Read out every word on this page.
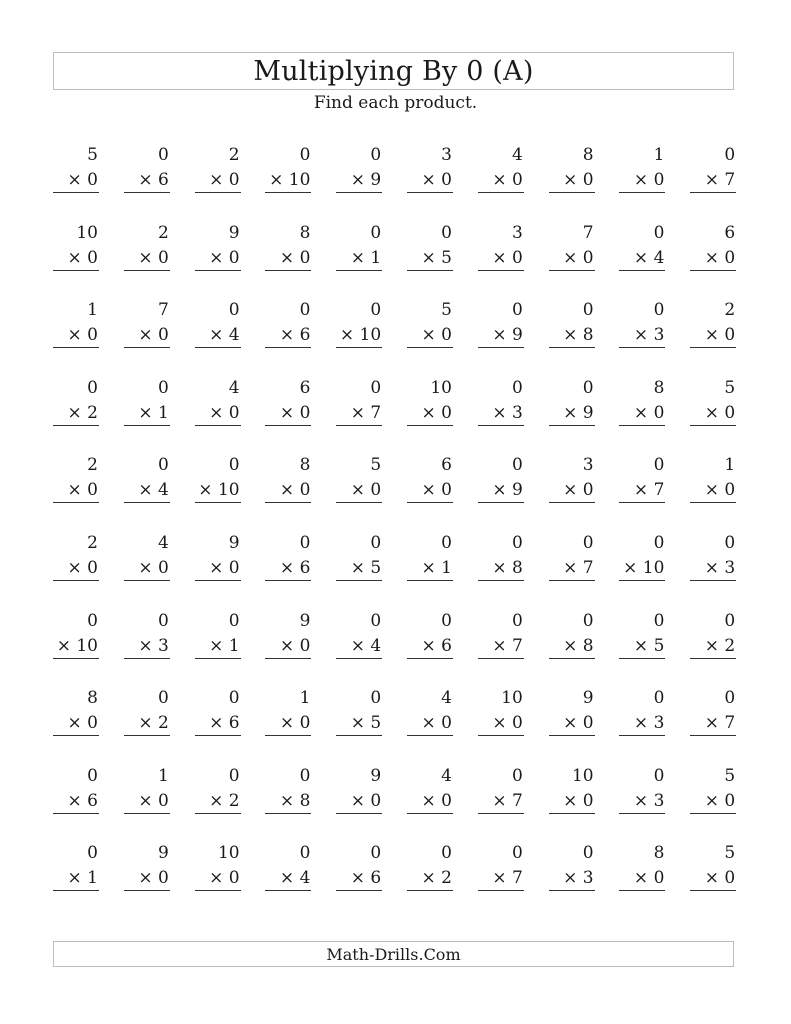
Multiplying By 0 (A)
Find each product.
5
× 0
0
× 6
2
× 0
0
× 10
0
× 9
3
× 0
4
× 0
8
× 0
1
× 0
0
× 7
10
× 0
2
× 0
9
× 0
8
× 0
0
× 1
0
× 5
3
× 0
7
× 0
0
× 4
6
× 0
1
× 0
7
× 0
0
× 4
0
× 6
0
× 10
5
× 0
0
× 9
0
× 8
0
× 3
2
× 0
0
× 2
0
× 1
4
× 0
6
× 0
0
× 7
10
× 0
0
× 3
0
× 9
8
× 0
5
× 0
2
× 0
0
× 4
0
× 10
8
× 0
5
× 0
6
× 0
0
× 9
3
× 0
0
× 7
1
× 0
2
× 0
4
× 0
9
× 0
0
× 6
0
× 5
0
× 1
0
× 8
0
× 7
0
× 10
0
× 3
0
× 10
0
× 3
0
× 1
9
× 0
0
× 4
0
× 6
0
× 7
0
× 8
0
× 5
0
× 2
8
× 0
0
× 2
0
× 6
1
× 0
0
× 5
4
× 0
10
× 0
9
× 0
0
× 3
0
× 7
0
× 6
1
× 0
0
× 2
0
× 8
9
× 0
4
× 0
0
× 7
10
× 0
0
× 3
5
× 0
0
× 1
9
× 0
10
× 0
0
× 4
0
× 6
0
× 2
0
× 7
0
× 3
8
× 0
5
× 0
Math-Drills.Com
